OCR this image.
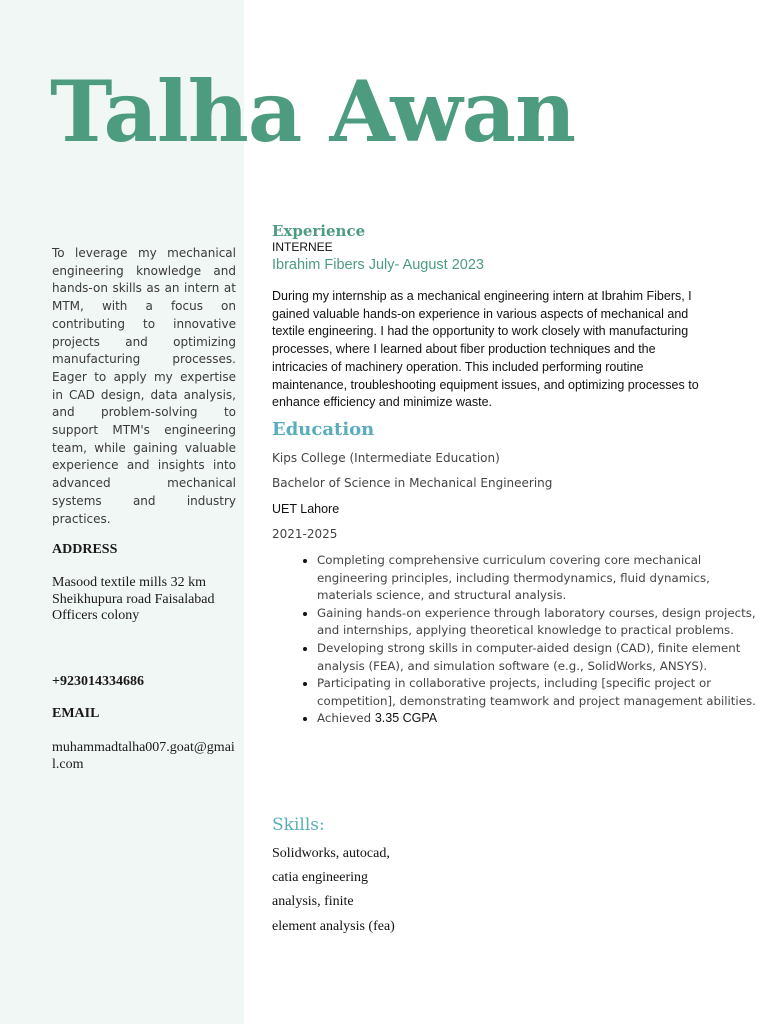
Talha Awan

To leverage my mechanical engineering knowledge and hands-on skills as an intern at MTM, with a focus on contributing to innovative projects and optimizing manufacturing processes. Eager to apply my expertise in CAD design, data analysis, and problem-solving to support MTM's engineering team, while gaining valuable experience and insights into advanced mechanical systems and industry practices.

ADDRESS
Masood textile mills 32 km
Sheikhupura road Faisalabad
Officers colony
+923014334686
EMAIL
muhammadtalha007.goat@gmai
l.com
Experience
INTERNEE
Ibrahim Fibers July- August 2023
During my internship as a mechanical engineering intern at Ibrahim Fibers, I
gained valuable hands-on experience in various aspects of mechanical and
textile engineering. I had the opportunity to work closely with manufacturing
processes, where I learned about fiber production techniques and the
intricacies of machinery operation. This included performing routine
maintenance, troubleshooting equipment issues, and optimizing processes to
enhance efficiency and minimize waste.
Education
Kips College (Intermediate Education)
Bachelor of Science in Mechanical Engineering
UET Lahore
2021-2025
• Completing comprehensive curriculum covering core mechanical engineering principles, including thermodynamics, fluid dynamics, materials science, and structural analysis.
• Gaining hands-on experience through laboratory courses, design projects, and internships, applying theoretical knowledge to practical problems.
• Developing strong skills in computer-aided design (CAD), finite element analysis (FEA), and simulation software (e.g., SolidWorks, ANSYS).
• Participating in collaborative projects, including [specific project or competition], demonstrating teamwork and project management abilities.
• Achieved 3.35 CGPA
Skills:
Solidworks, autocad,
catia engineering
analysis, finite
element analysis (fea)
